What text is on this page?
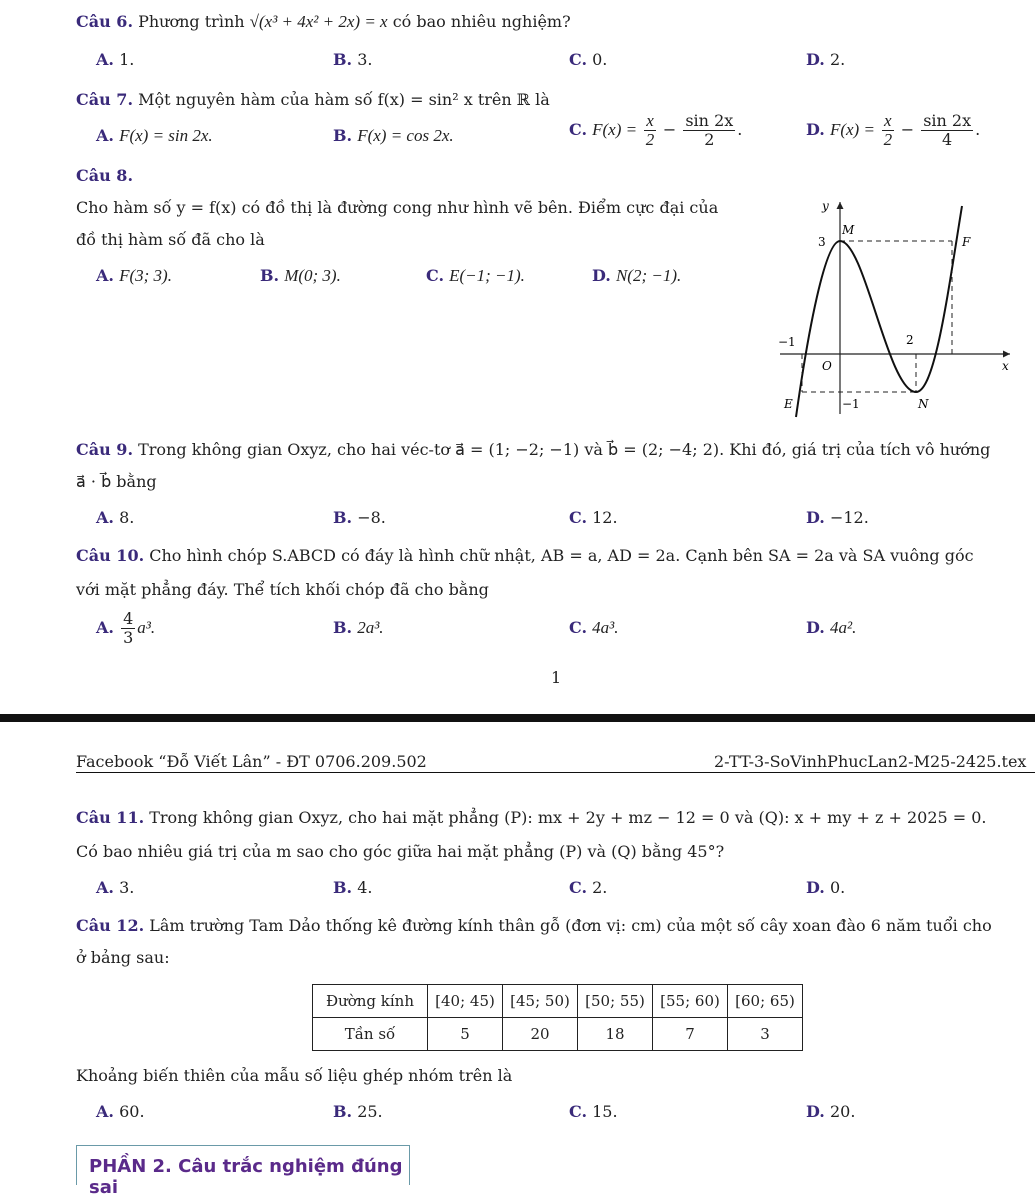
Câu 6. Phương trình √(x³ + 4x² + 2x) = x có bao nhiêu nghiệm?
A. 1.	B. 3.	C. 0.	D. 2.
Câu 7. Một nguyên hàm của hàm số f(x) = sin² x trên ℝ là
A. F(x) = sin 2x.	B. F(x) = cos 2x.	C. $F(x) = \frac{x}{2} - \frac{\sin 2x}{2}$ .	D. $F(x) = \frac{x}{2} - \frac{\sin 2x}{4}$ .
Câu 8.
Cho hàm số y = f(x) có đồ thị là đường cong như hình vẽ bên. Điểm cực đại của
đồ thị hàm số đã cho là
A. F(3; 3).	B. M(0; 3).	C. E(−1; −1).	D. N(2; −1).
y
x
O
3
−1	2
−1
M
F
E	N
Câu 9. Trong không gian Oxyz, cho hai véc-tơ a⃗ = (1; −2; −1) và b⃗ = (2; −4; 2). Khi đó, giá trị của tích vô hướng
a⃗ · b⃗ bằng
A. 8.	B. −8.	C. 12.	D. −12.
Câu 10. Cho hình chóp S.ABCD có đáy là hình chữ nhật, AB = a, AD = 2a. Cạnh bên SA = 2a và SA vuông góc
với mặt phẳng đáy. Thể tích khối chóp đã cho bằng
A. $\frac{4}{3} a^3$.	B. 2a³.	C. 4a³.	D. 4a².
1
Facebook “Đỗ Viết Lân” - ĐT 0706.209.502	2-TT-3-SoVinhPhucLan2-M25-2425.tex
Câu 11. Trong không gian Oxyz, cho hai mặt phẳng (P): mx + 2y + mz − 12 = 0 và (Q): x + my + z + 2025 = 0.
Có bao nhiêu giá trị của m sao cho góc giữa hai mặt phẳng (P) và (Q) bằng 45°?
A. 3.	B. 4.	C. 2.	D. 0.
Câu 12. Lâm trường Tam Dảo thống kê đường kính thân gỗ (đơn vị: cm) của một số cây xoan đào 6 năm tuổi cho
ở bảng sau:
Đường kính	[40; 45)	[45; 50)	[50; 55)	[55; 60)	[60; 65)
Tần số	5	20	18	7	3
Khoảng biến thiên của mẫu số liệu ghép nhóm trên là
A. 60.	B. 25.	C. 15.	D. 20.
PHẦN 2. Câu trắc nghiệm đúng sai
